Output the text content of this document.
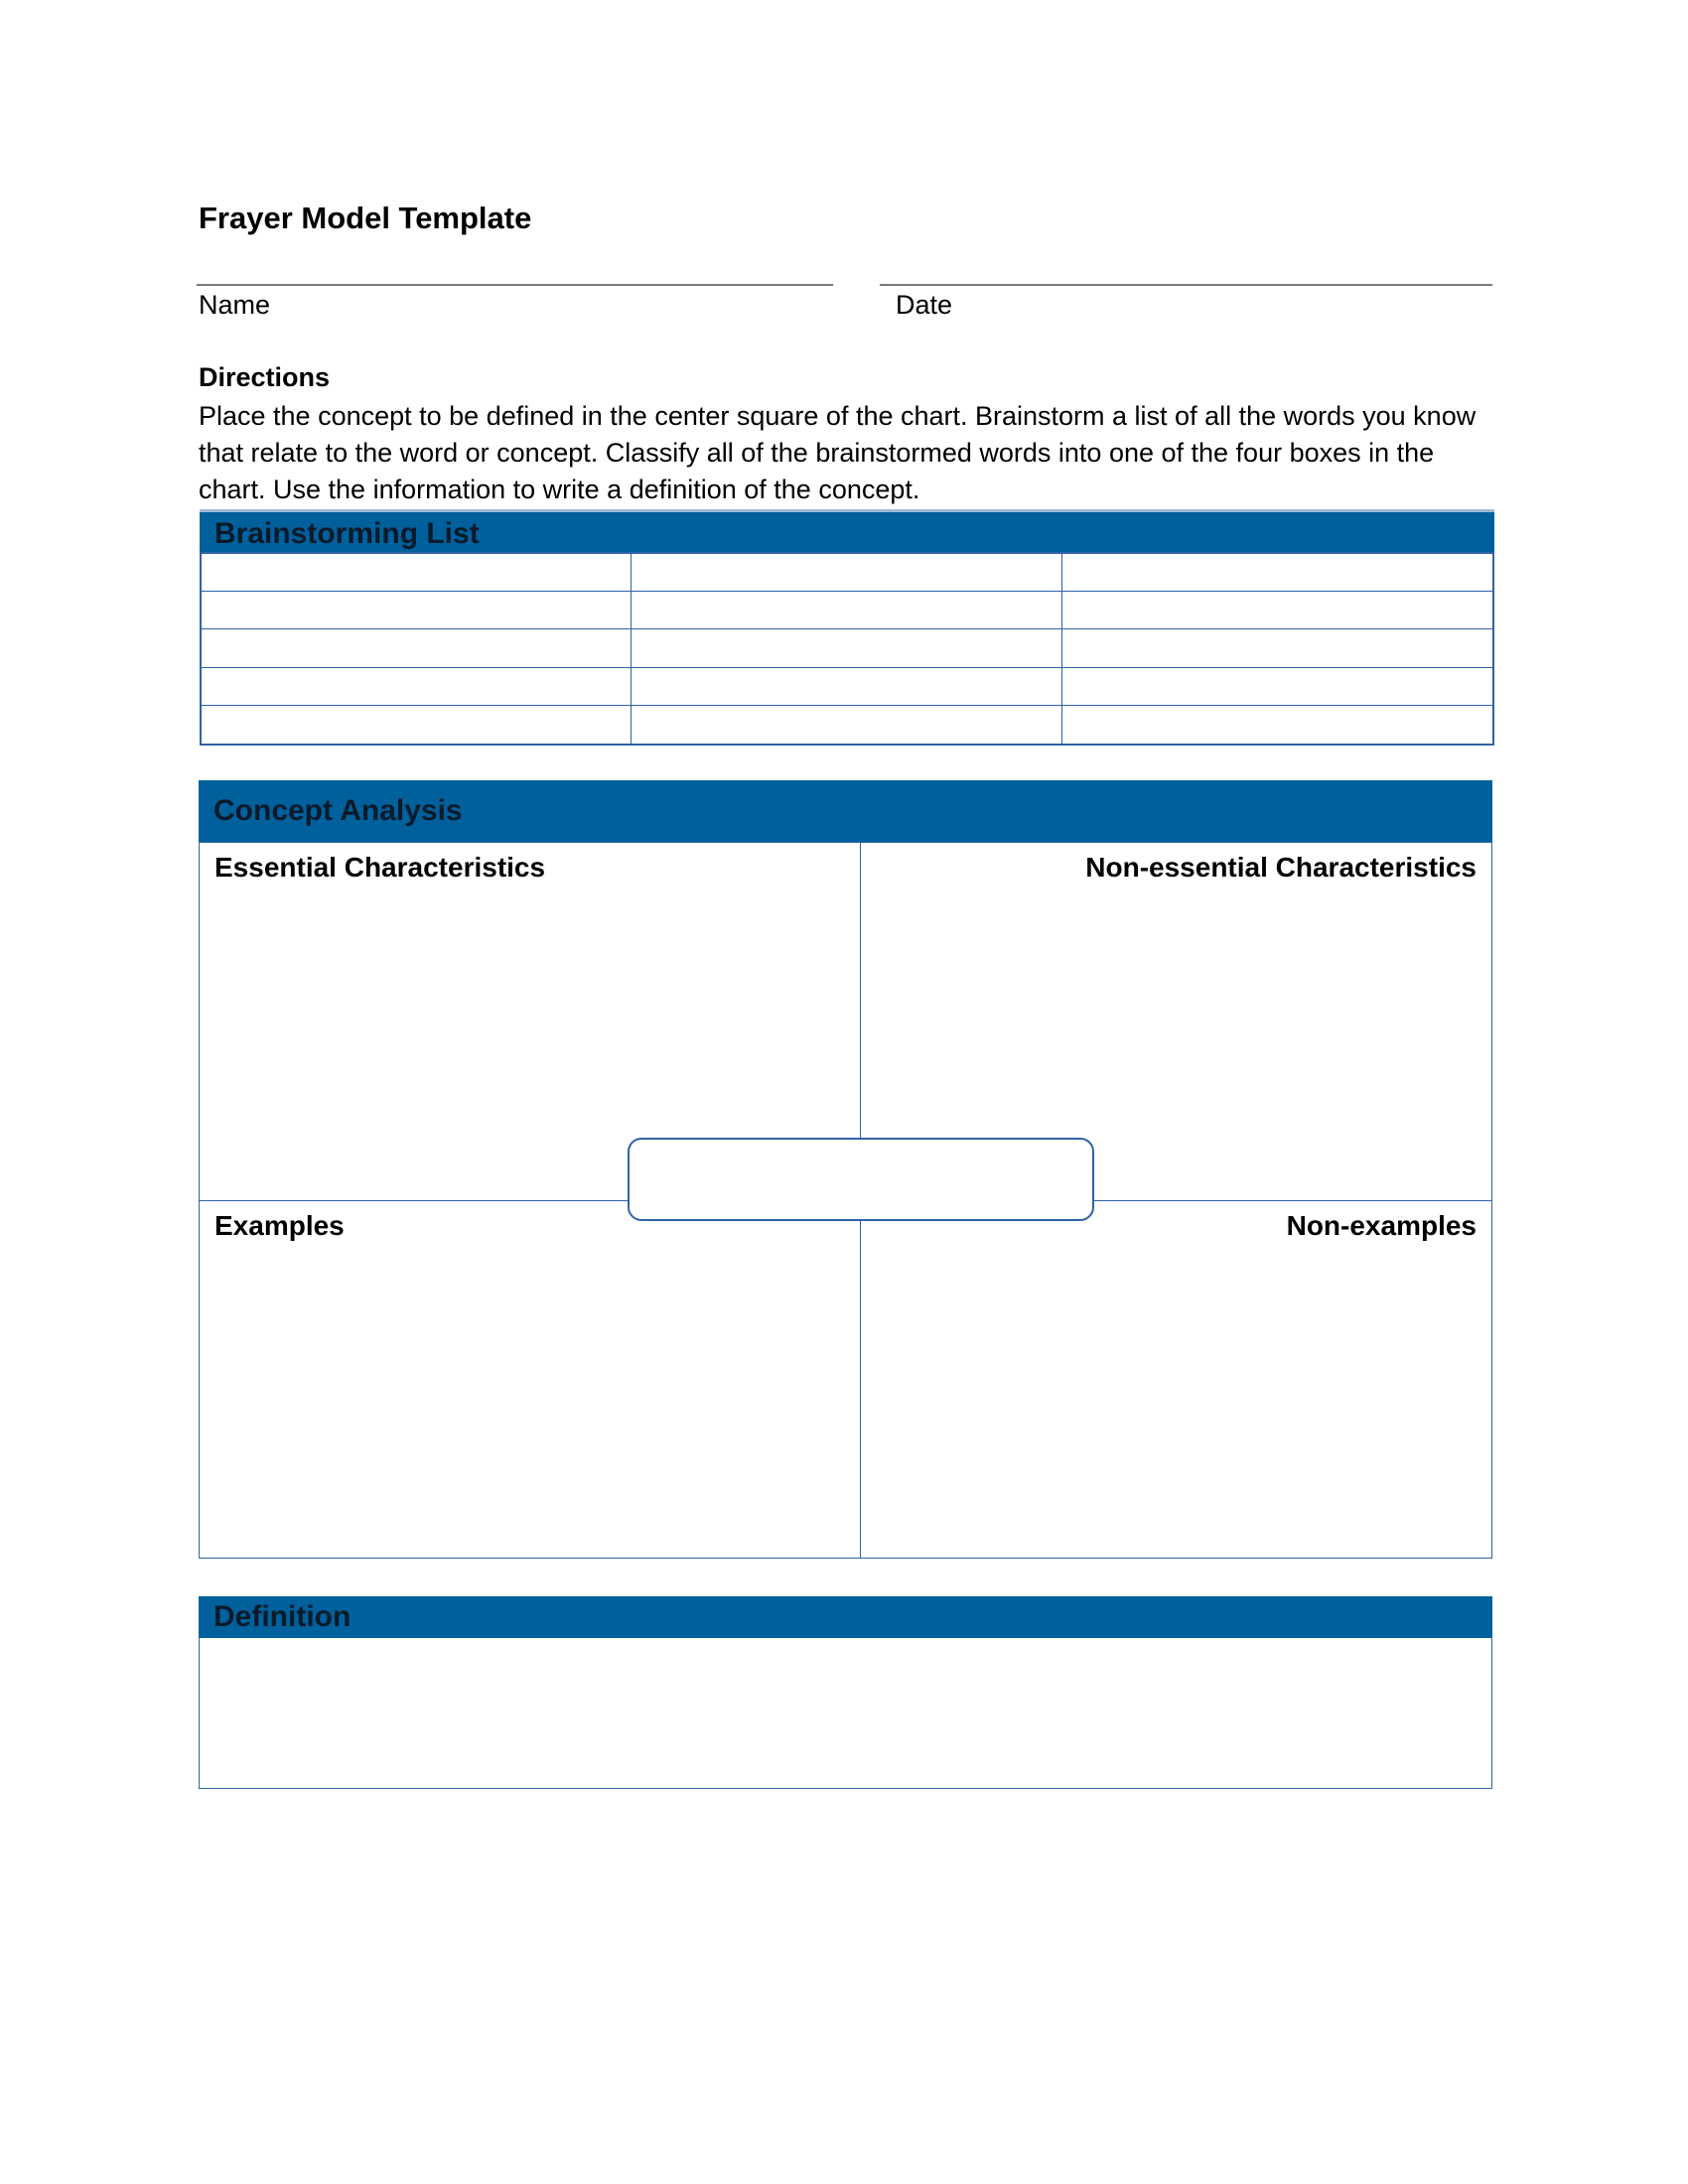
Frayer Model Template
Name	Date
Directions
Place the concept to be defined in the center square of the chart. Brainstorm a list of all the words you know that relate to the word or concept. Classify all of the brainstormed words into one of the four boxes in the chart. Use the information to write a definition of the concept.
Brainstorming List
Concept Analysis
Essential Characteristics	Non-essential Characteristics
Examples	Non-examples
Definition
